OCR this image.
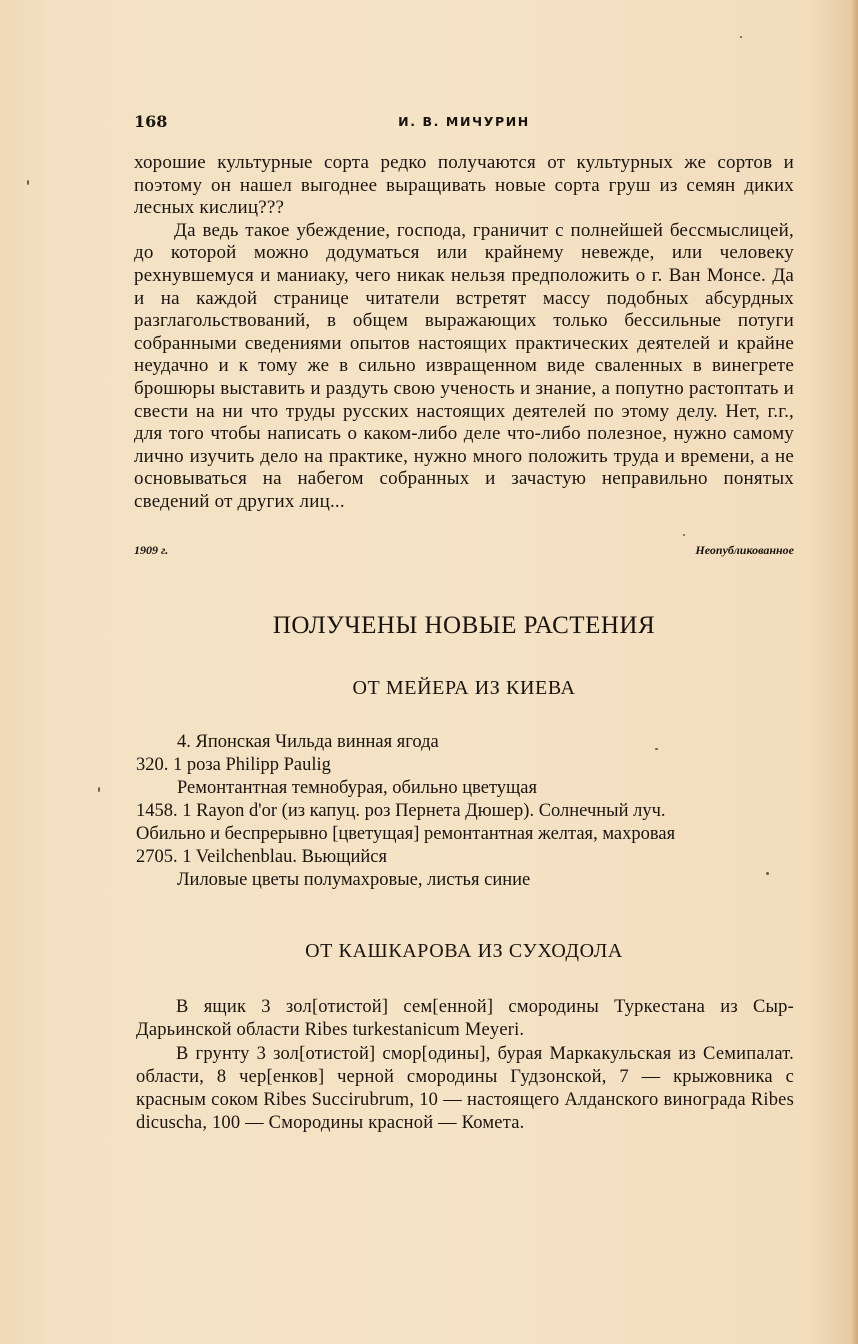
168	И. В. МИЧУРИН

хорошие культурные сорта редко получаются от культурных же сортов и поэтому он нашел выгоднее выращивать новые сорта груш из семян диких лесных кислиц???

Да ведь такое убеждение, господа, граничит с полнейшей бессмыслицей, до которой можно додуматься или крайнему невежде, или человеку рехнувшемуся и маниаку, чего никак нельзя предположить о г. Ван Монсе. Да и на каждой странице читатели встретят массу подобных абсурдных разглагольствований, в общем выражающих только бессильные потуги собранными сведениями опытов настоящих практических деятелей и крайне неудачно и к тому же в сильно извращенном виде сваленных в винегрете брошюры выставить и раздуть свою ученость и знание, а попутно растоптать и свести на ни что труды русских настоящих деятелей по этому делу. Нет, г.г., для того чтобы написать о каком-либо деле что-либо полезное, нужно самому лично изучить дело на практике, нужно много положить труда и времени, а не основываться на набегом собранных и зачастую неправильно понятых сведений от других лиц...

1909 г.	Неопубликованное
ПОЛУЧЕНЫ НОВЫЕ РАСТЕНИЯ
ОТ МЕЙЕРА ИЗ КИЕВА
4. Японская Чильда винная ягода
320. 1 роза Philipp Paulig
Ремонтантная темнобурая, обильно цветущая
1458. 1 Rayon d'or (из капуц. роз Пернета Дюшер). Солнечный луч.
Обильно и беспрерывно [цветущая] ремонтантная желтая, махровая
2705. 1 Veilchenblau. Вьющийся
Лиловые цветы полумахровые, листья синие
ОТ КАШКАРОВА ИЗ СУХОДОЛА

В ящик 3 зол[отистой] сем[енной] смородины Туркестана из Сыр-Дарьинской области Ribes turkestanicum Meyeri.

В грунту 3 зол[отистой] смор[одины], бурая Маркакульская из Семипалат. области, 8 чер[енков] черной смородины Гудзонской, 7 — крыжовника с красным соком Ribes Succirubrum, 10 — настоящего Алданского винограда Ribes dicuscha, 100 — Смородины красной — Комета.
